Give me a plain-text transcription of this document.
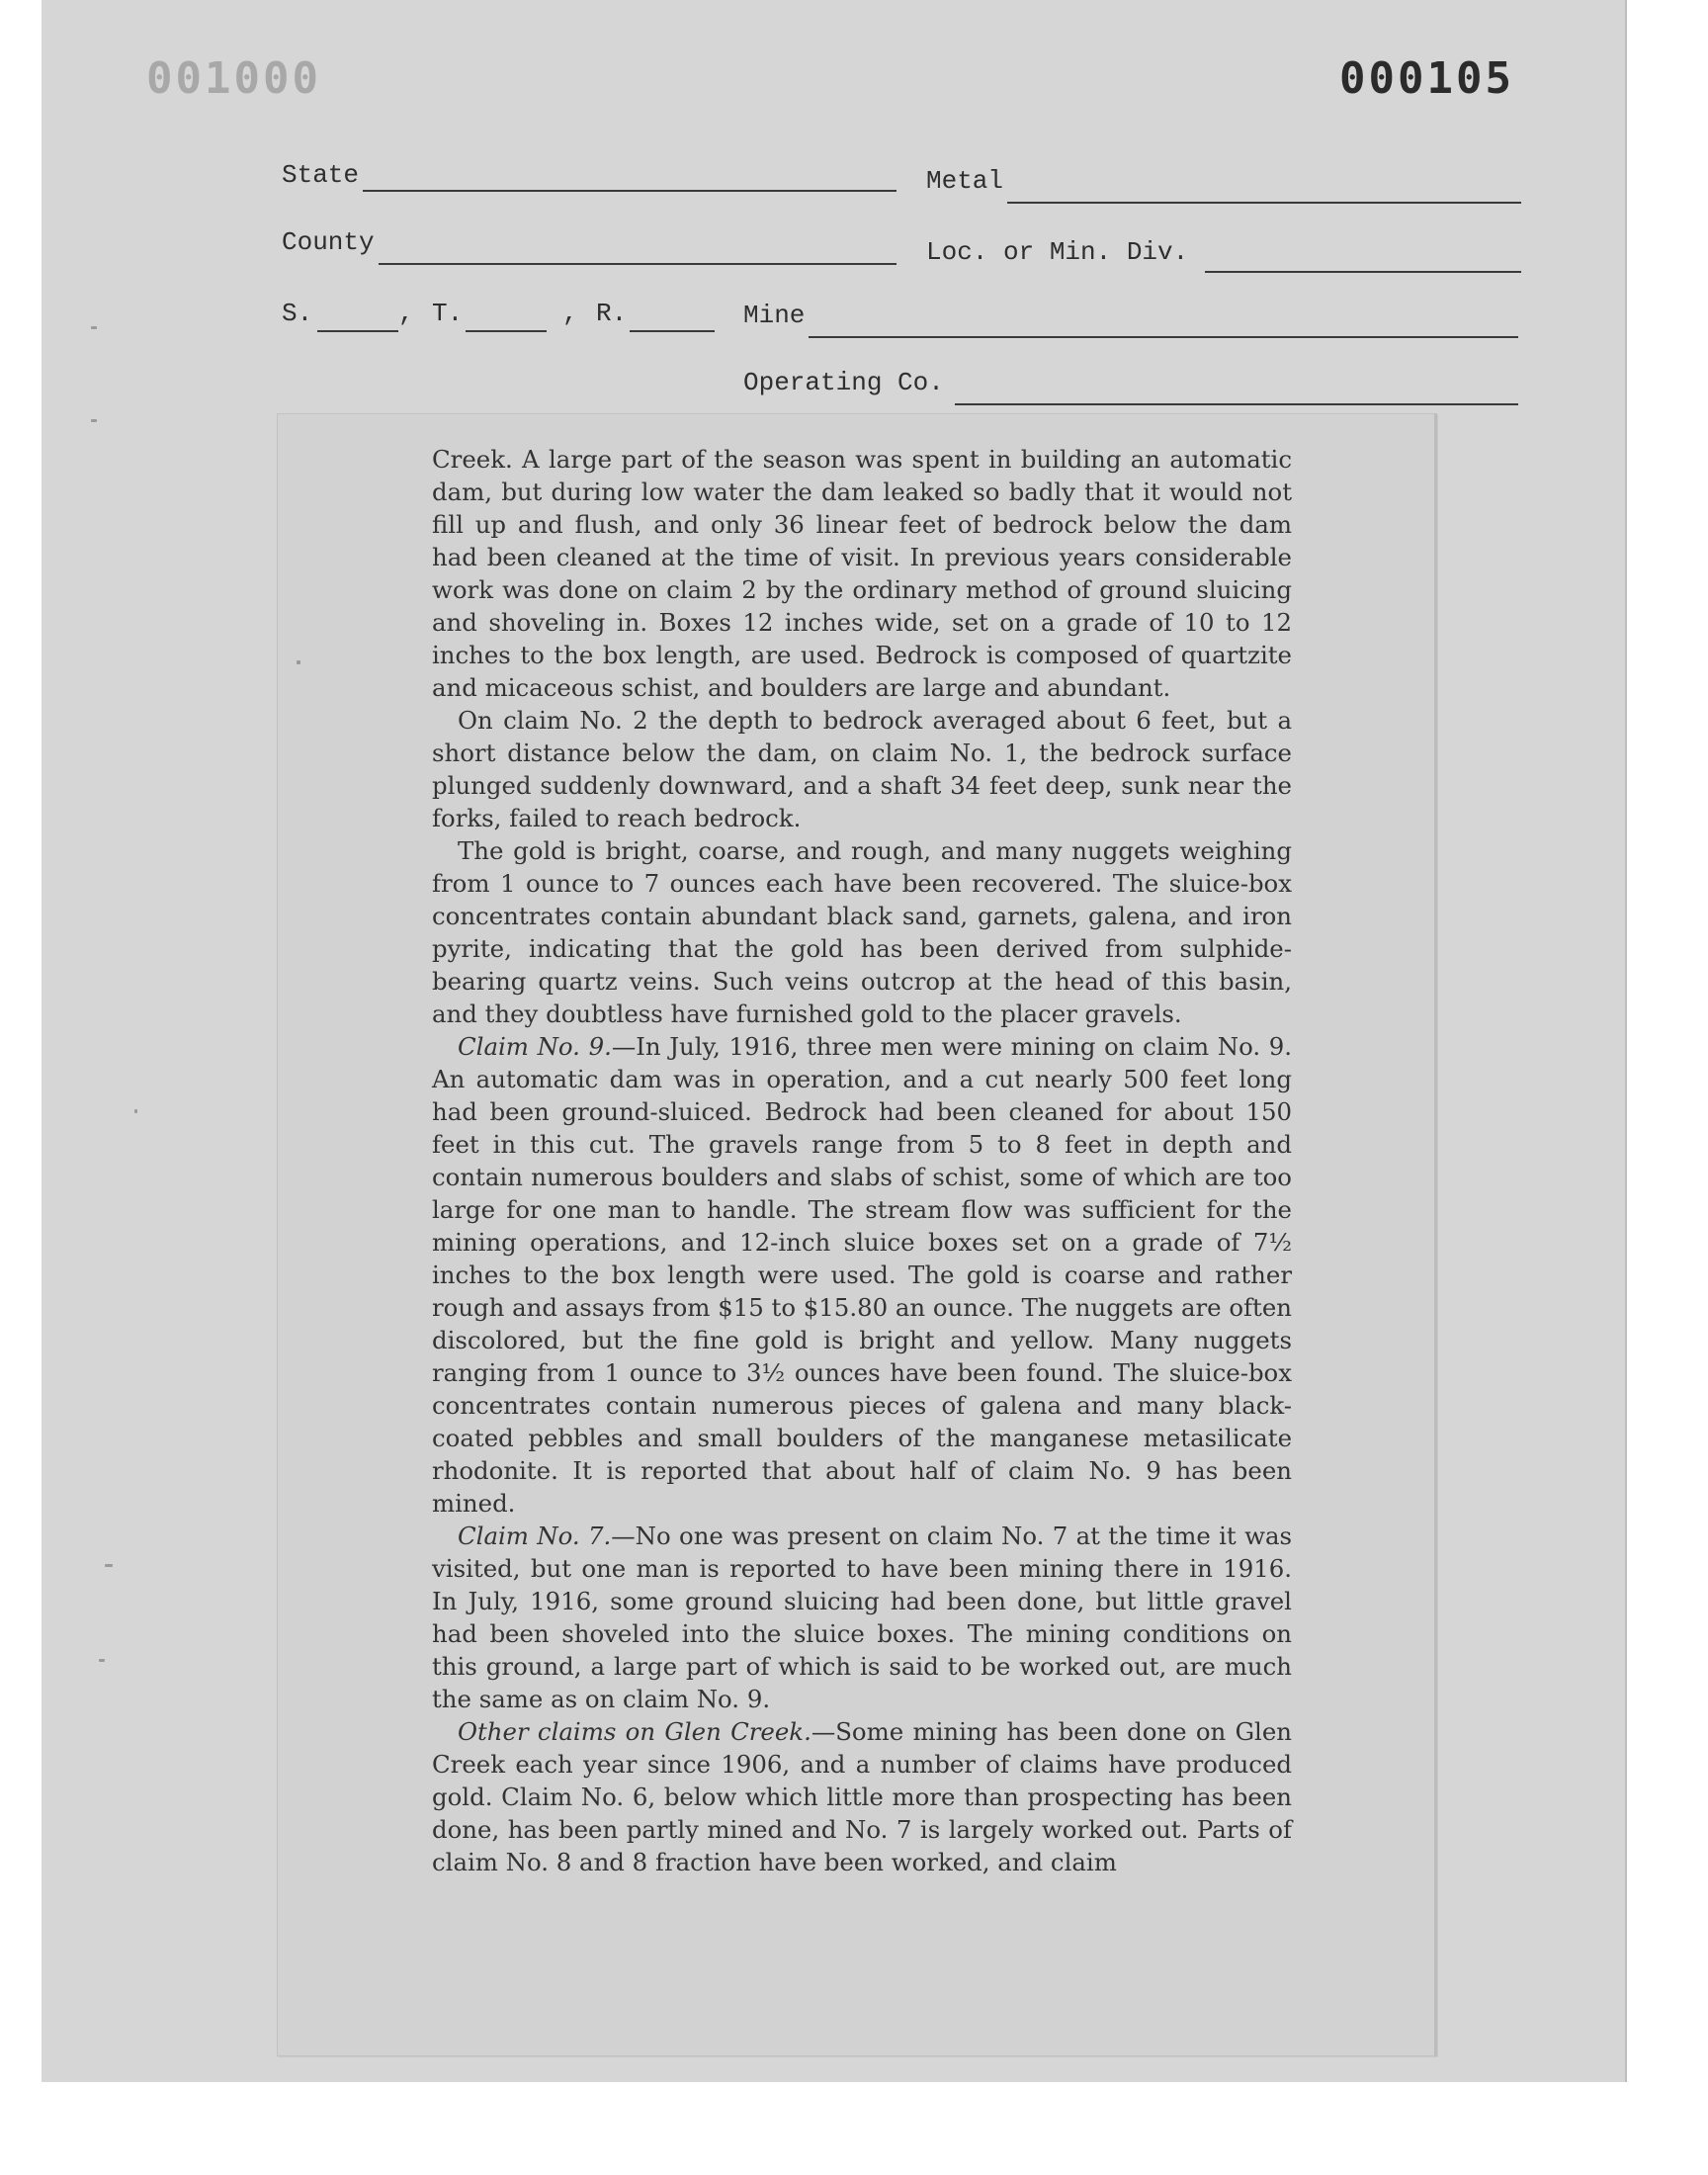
001000	000105
State	Metal
County	Loc. or Min. Div.
S.	, T.	, R.	Mine
Operating Co.

Creek. A large part of the season was spent in building an automatic dam, but during low water the dam leaked so badly that it would not fill up and flush, and only 36 linear feet of bedrock below the dam had been cleaned at the time of visit. In previous years considerable work was done on claim 2 by the ordinary method of ground sluicing and shoveling in. Boxes 12 inches wide, set on a grade of 10 to 12 inches to the box length, are used. Bedrock is composed of quartzite and micaceous schist, and boulders are large and abundant.

On claim No. 2 the depth to bedrock averaged about 6 feet, but a short distance below the dam, on claim No. 1, the bedrock surface plunged suddenly downward, and a shaft 34 feet deep, sunk near the forks, failed to reach bedrock.

The gold is bright, coarse, and rough, and many nuggets weighing from 1 ounce to 7 ounces each have been recovered. The sluice-box concentrates contain abundant black sand, garnets, galena, and iron pyrite, indicating that the gold has been derived from sulphide-bearing quartz veins. Such veins outcrop at the head of this basin, and they doubtless have furnished gold to the placer gravels.

Claim No. 9.—In July, 1916, three men were mining on claim No. 9. An automatic dam was in operation, and a cut nearly 500 feet long had been ground-sluiced. Bedrock had been cleaned for about 150 feet in this cut. The gravels range from 5 to 8 feet in depth and contain numerous boulders and slabs of schist, some of which are too large for one man to handle. The stream flow was sufficient for the mining operations, and 12-inch sluice boxes set on a grade of 7½ inches to the box length were used. The gold is coarse and rather rough and assays from $15 to $15.80 an ounce. The nuggets are often discolored, but the fine gold is bright and yellow. Many nuggets ranging from 1 ounce to 3½ ounces have been found. The sluice-box concentrates contain numerous pieces of galena and many black-coated pebbles and small boulders of the manganese metasilicate rhodonite. It is reported that about half of claim No. 9 has been mined.

Claim No. 7.—No one was present on claim No. 7 at the time it was visited, but one man is reported to have been mining there in 1916. In July, 1916, some ground sluicing had been done, but little gravel had been shoveled into the sluice boxes. The mining conditions on this ground, a large part of which is said to be worked out, are much the same as on claim No. 9.

Other claims on Glen Creek.—Some mining has been done on Glen Creek each year since 1906, and a number of claims have produced gold. Claim No. 6, below which little more than prospecting has been done, has been partly mined and No. 7 is largely worked out. Parts of claim No. 8 and 8 fraction have been worked, and claim
